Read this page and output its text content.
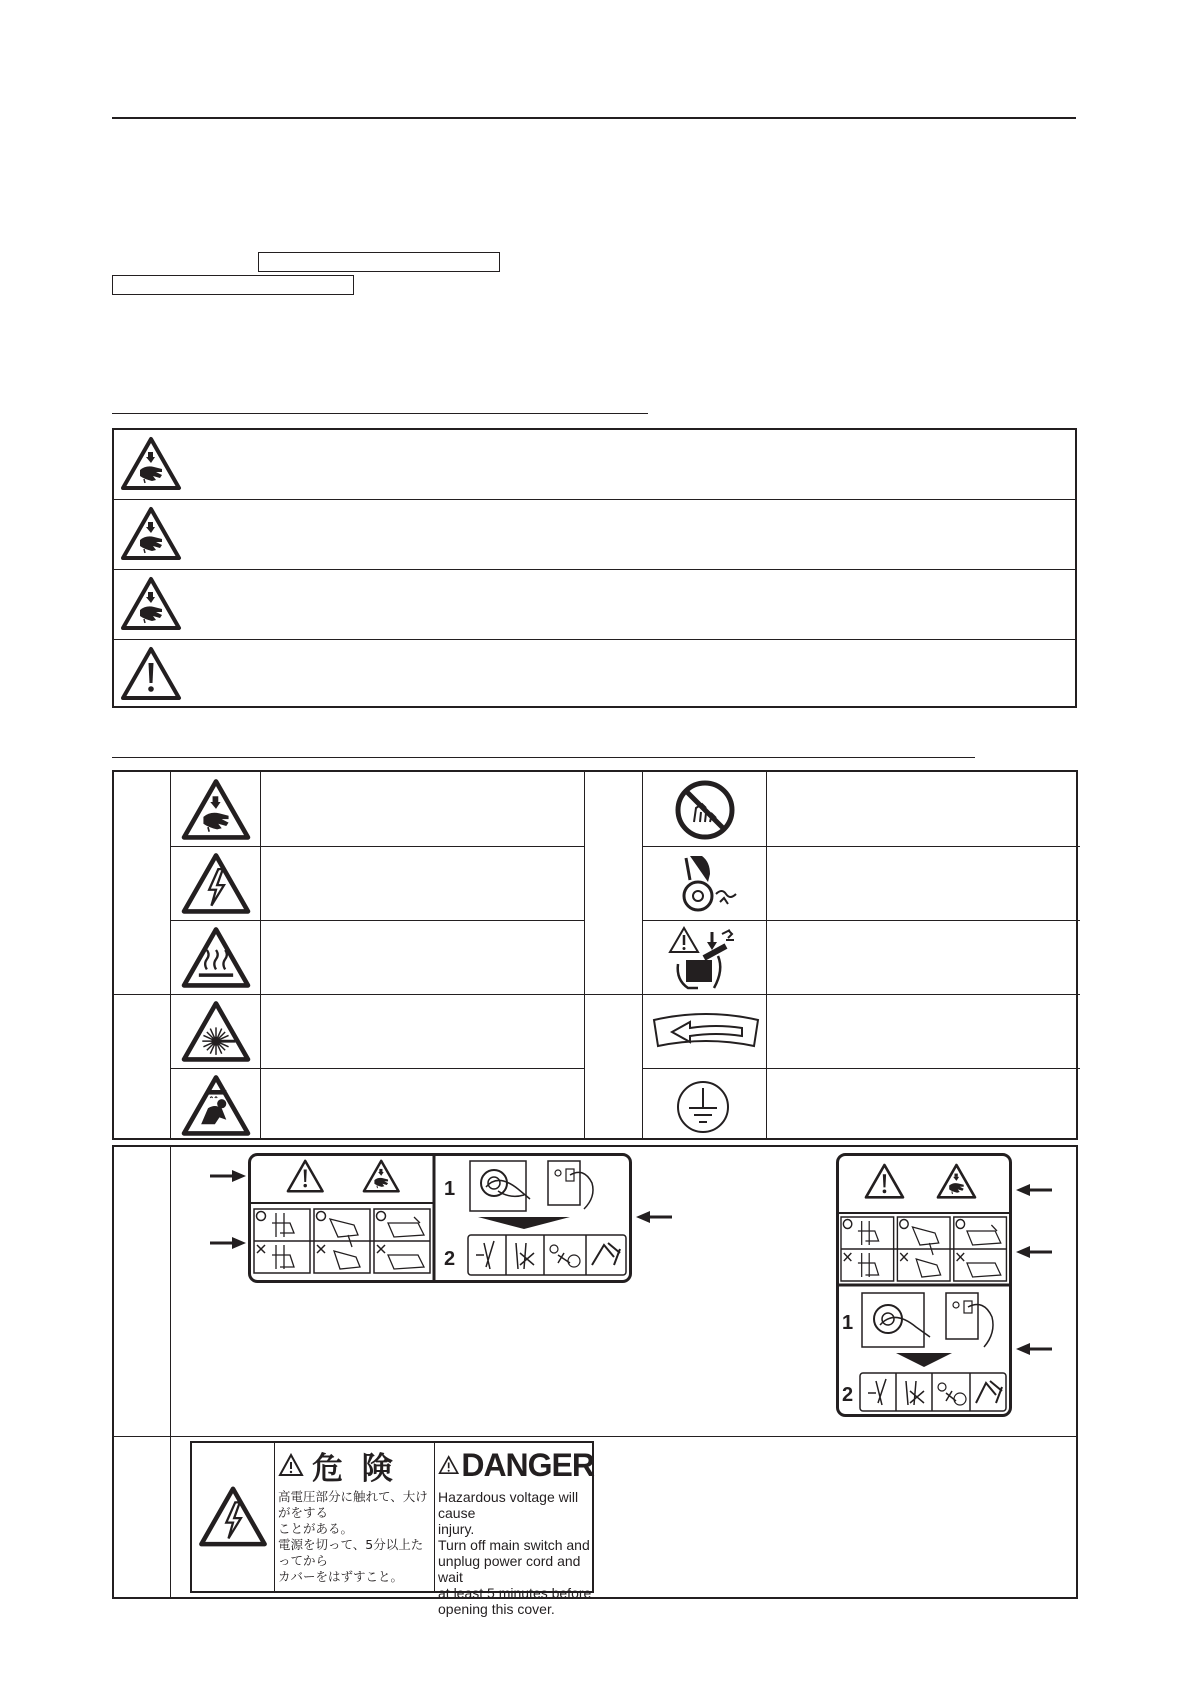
1
2
1
2
危 険
高電圧部分に触れて、大けがをする
ことがある。
電源を切って、5分以上たってから
カバーをはずすこと。
DANGER
Hazardous voltage will cause
injury.
Turn off main switch and
unplug power cord and wait
at least 5 minutes before
opening this cover.
